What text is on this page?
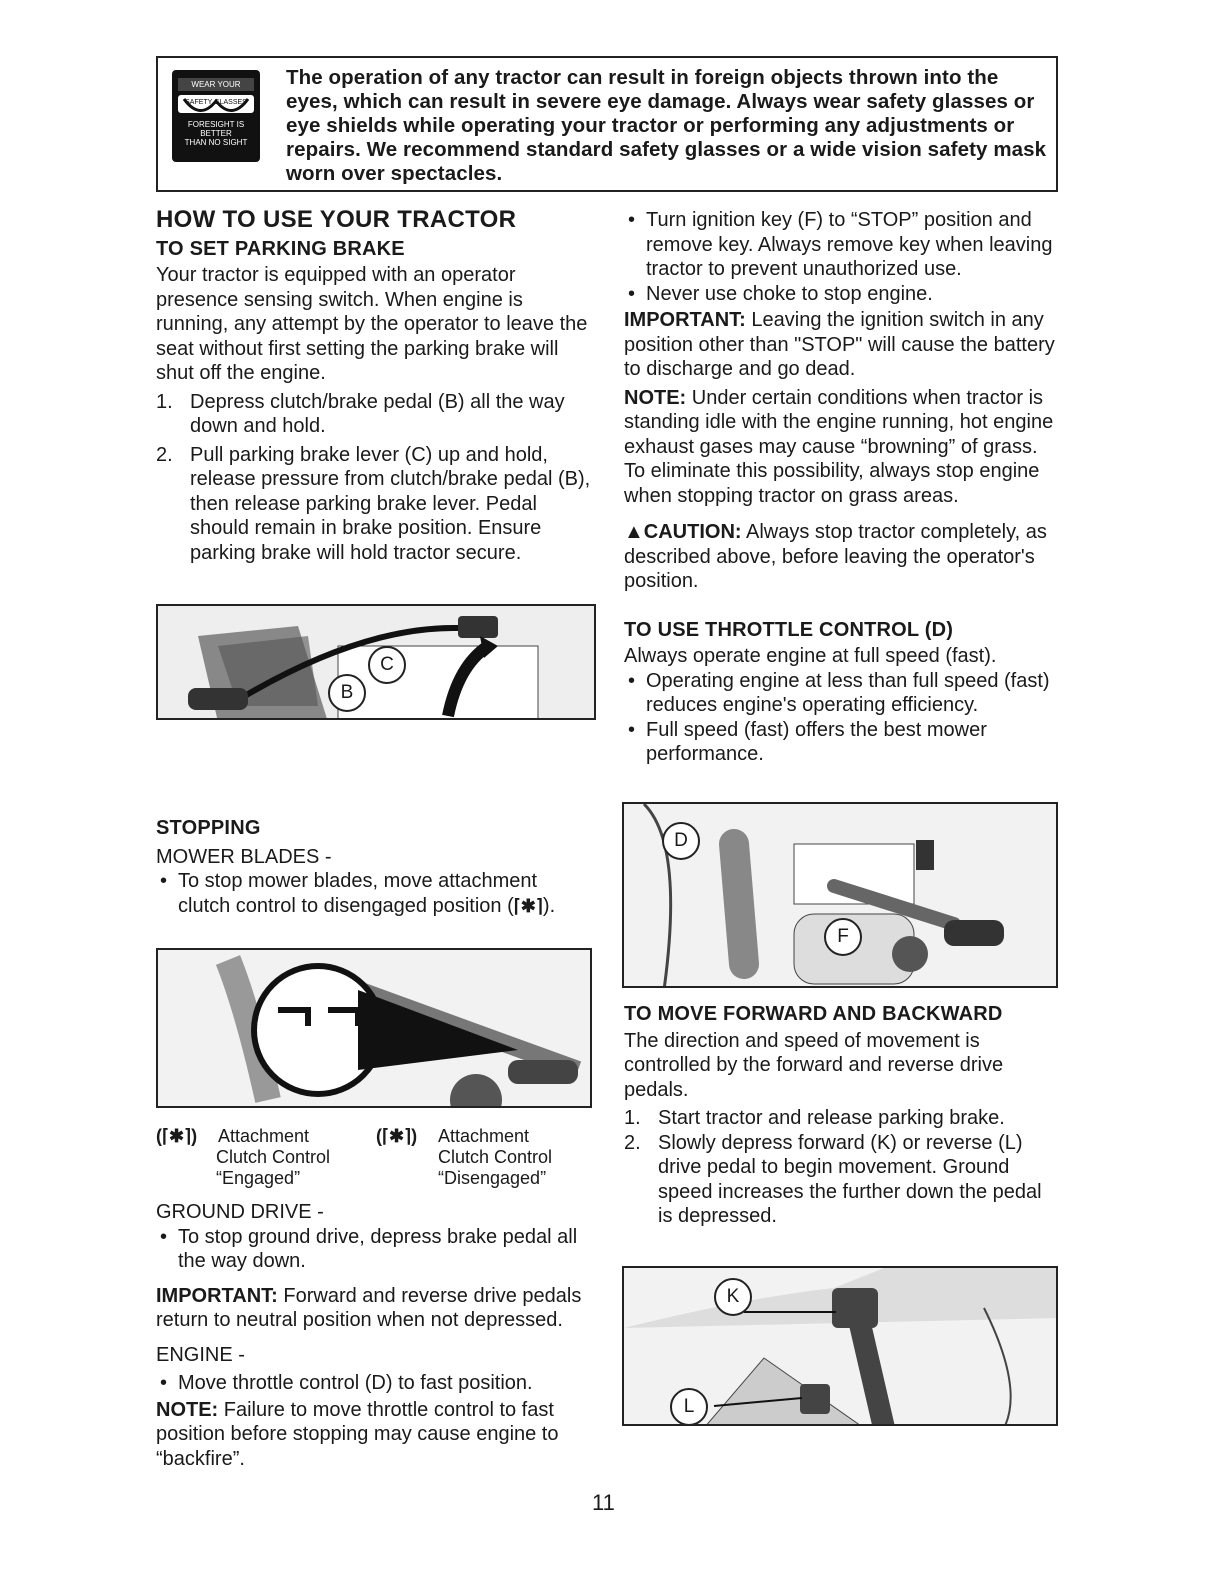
WEAR YOUR
SAFETY GLASSES
FORESIGHT IS BETTER
THAN NO SIGHT
The operation of any tractor can result in foreign objects thrown into the eyes, which can result in severe eye damage. Always wear safety glasses or eye shields while operating your tractor or performing any adjustments or repairs. We recommend standard safety glasses or a wide vision safety mask worn over spectacles.
HOW TO USE YOUR TRACTOR
TO SET PARKING BRAKE

Your tractor is equipped with an operator presence sensing switch. When engine is running, any attempt by the operator to leave the seat without first setting the parking brake will shut off the engine.

1. Depress clutch/brake pedal (B) all the way down and hold.
2. Pull parking brake lever (C) up and hold, release pressure from clutch/brake pedal (B), then release parking brake lever. Pedal should remain in brake position. Ensure parking brake will hold tractor secure.
C
B
STOPPING

MOWER BLADES -

• To stop mower blades, move attachment clutch control to disengaged position (⌈✱⌉).
(⌈✱⌉) Attachment
Clutch Control
“Engaged”
(⌈✱⌉) Attachment
Clutch Control
“Disengaged”

GROUND DRIVE -

• To stop ground drive, depress brake pedal all the way down.

IMPORTANT: Forward and reverse drive pedals return to neutral position when not depressed.

ENGINE -

• Move throttle control (D) to fast position.

NOTE: Failure to move throttle control to fast position before stopping may cause engine to “backfire”.

• Turn ignition key (F) to “STOP” position and remove key. Always remove key when leaving tractor to prevent unauthorized use.
• Never use choke to stop engine.

IMPORTANT: Leaving the ignition switch in any position other than "STOP" will cause the battery to discharge and go dead.

NOTE: Under certain conditions when tractor is standing idle with the engine running, hot engine exhaust gases may cause “browning” of grass. To eliminate this possibility, always stop engine when stopping tractor on grass areas.

▲CAUTION: Always stop tractor completely, as described above, before leaving the operator's position.

TO USE THROTTLE CONTROL (D)

Always operate engine at full speed (fast).

• Operating engine at less than full speed (fast) reduces engine's operating efficiency.
• Full speed (fast) offers the best mower performance.
D
F
TO MOVE FORWARD AND BACKWARD

The direction and speed of movement is controlled by the forward and reverse drive pedals.

1. Start tractor and release parking brake.
2. Slowly depress forward (K) or reverse (L) drive pedal to begin movement. Ground speed increases the further down the pedal is depressed.
K
L
11
